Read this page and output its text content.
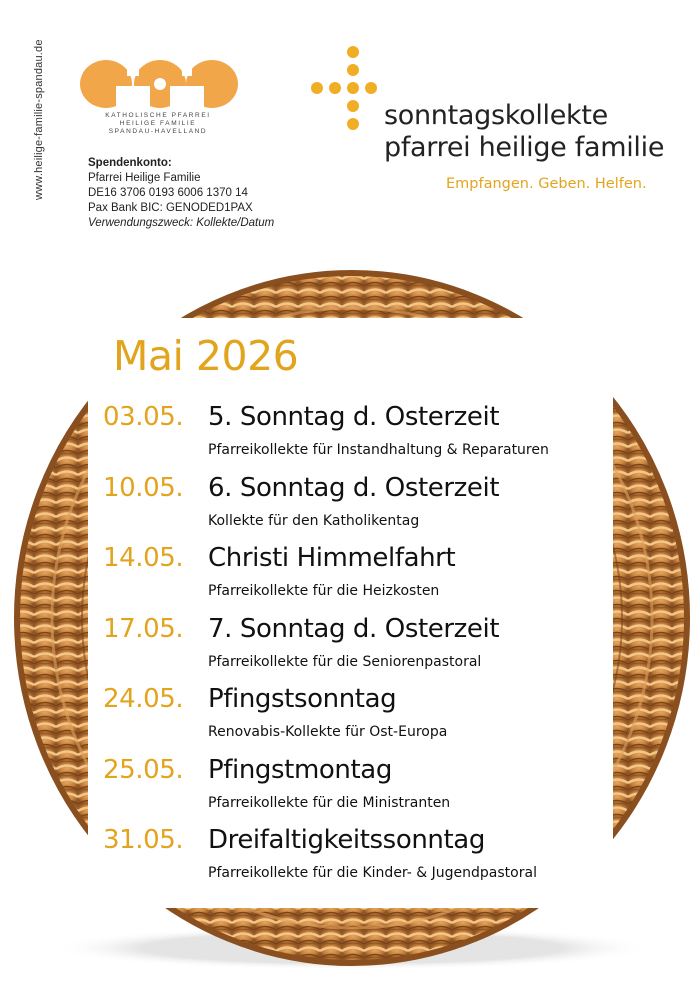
www.heilige-familie-spandau.de	KATHOLISCHE PFARREI
HEILIGE FAMILIE
SPANDAU-HAVELLAND
Spendenkonto:
Pfarrei Heilige Familie
DE16 3706 0193 6006 1370 14
Pax Bank BIC: GENODED1PAX
Verwendungszweck: Kollekte/Datum
sonntagskollekte
pfarrei heilige familie
Empfangen. Geben. Helfen.
Mai 2026
03.05. 5. Sonntag d. Osterzeit
Pfarreikollekte für Instandhaltung & Reparaturen
10.05. 6. Sonntag d. Osterzeit
Kollekte für den Katholikentag
14.05. Christi Himmelfahrt
Pfarreikollekte für die Heizkosten
17.05. 7. Sonntag d. Osterzeit
Pfarreikollekte für die Seniorenpastoral
24.05. Pfingstsonntag
Renovabis-Kollekte für Ost-Europa
25.05. Pfingstmontag
Pfarreikollekte für die Ministranten
31.05. Dreifaltigkeitssonntag
Pfarreikollekte für die Kinder- & Jugendpastoral
